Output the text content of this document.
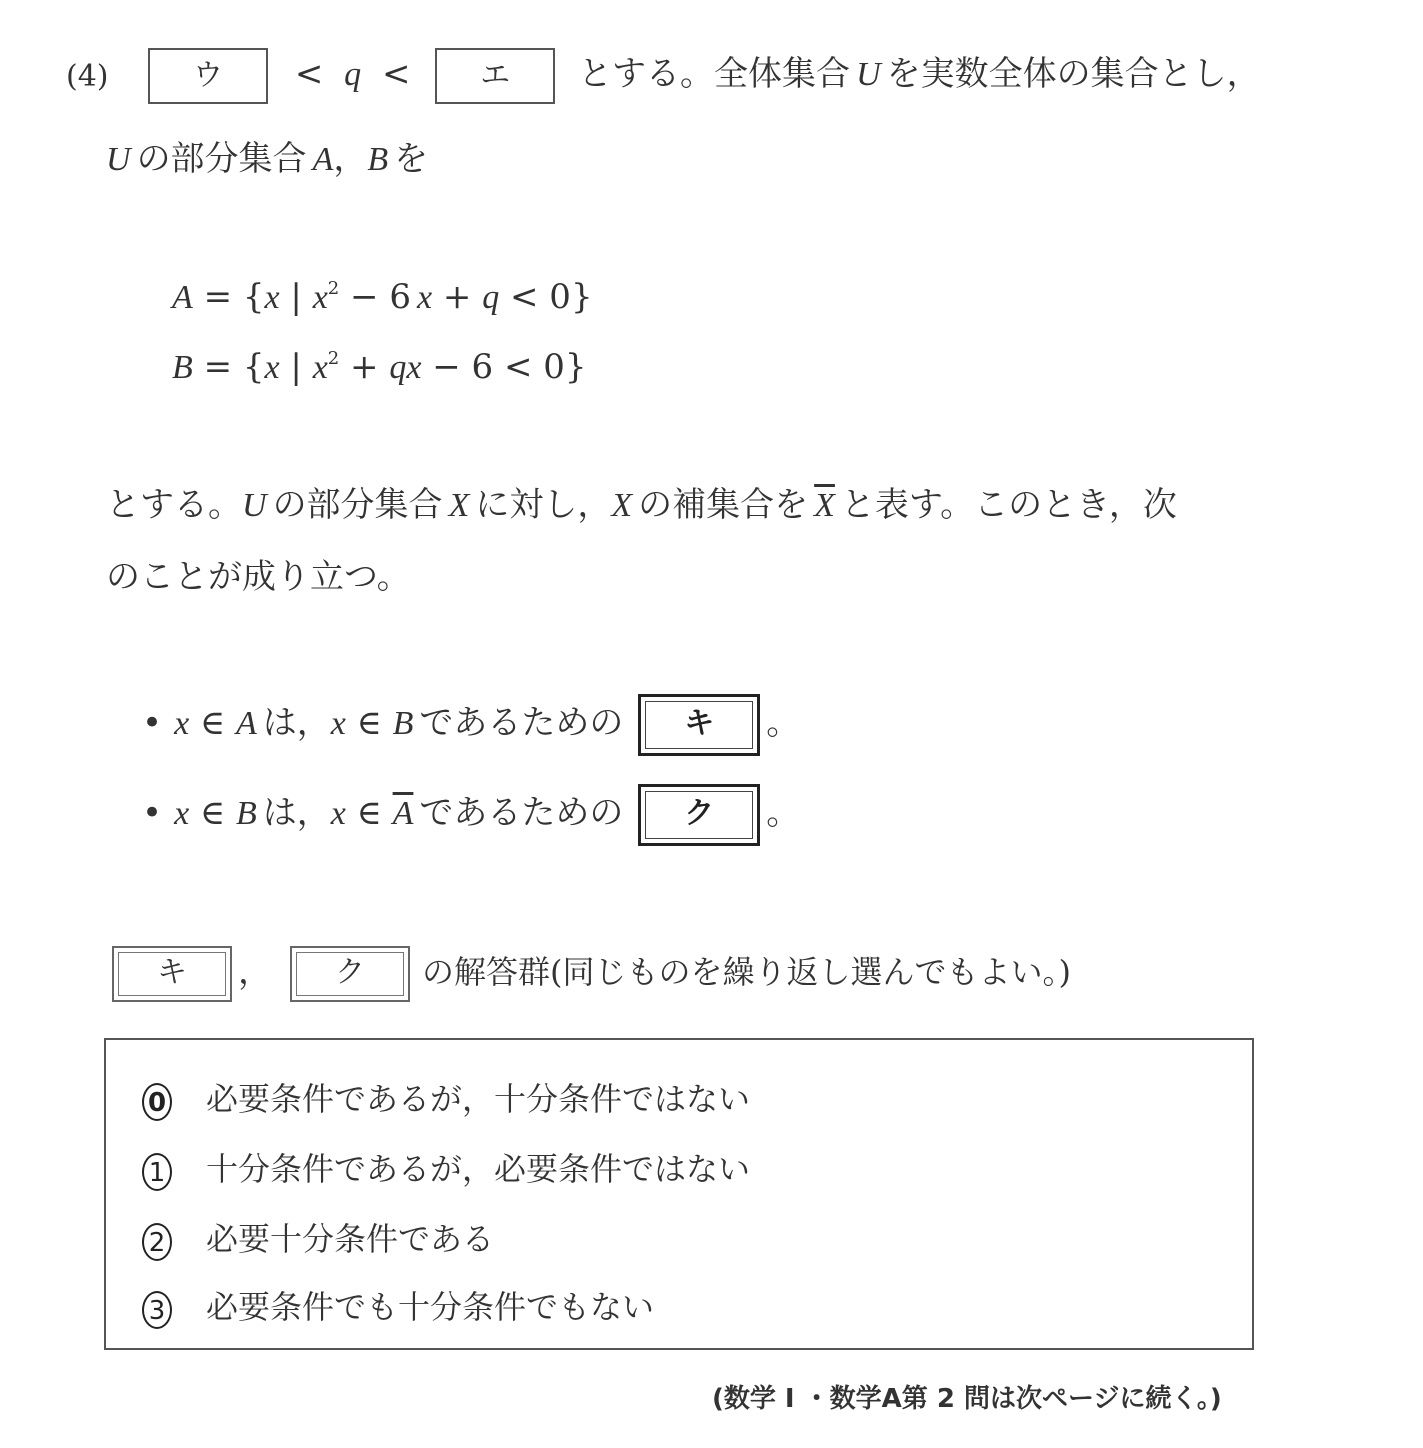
(4)	ウ < q < エ とする。全体集合 U を実数全体の集合とし，
U の部分集合 A，B を
A = {x | $x^2 - 6$ x + q < 0}
B = {x | $x^2$ + qx − 6 < 0}
とする。U の部分集合 X に対し，X の補集合を $\overline{X}$ と表す。このとき，次
のことが成り立つ。
• x ∈ A は，x ∈ B であるための	キ	。
• x ∈ B は，x ∈ $\overline{A}$ であるための	ク	。
キ	，	ク	の解答群(同じものを繰り返し選んでもよい。)
0 必要条件であるが，十分条件ではない
1 十分条件であるが，必要条件ではない
2 必要十分条件である
3 必要条件でも十分条件でもない
(数学 I ・数学A第 2 問は次ページに続く。)
